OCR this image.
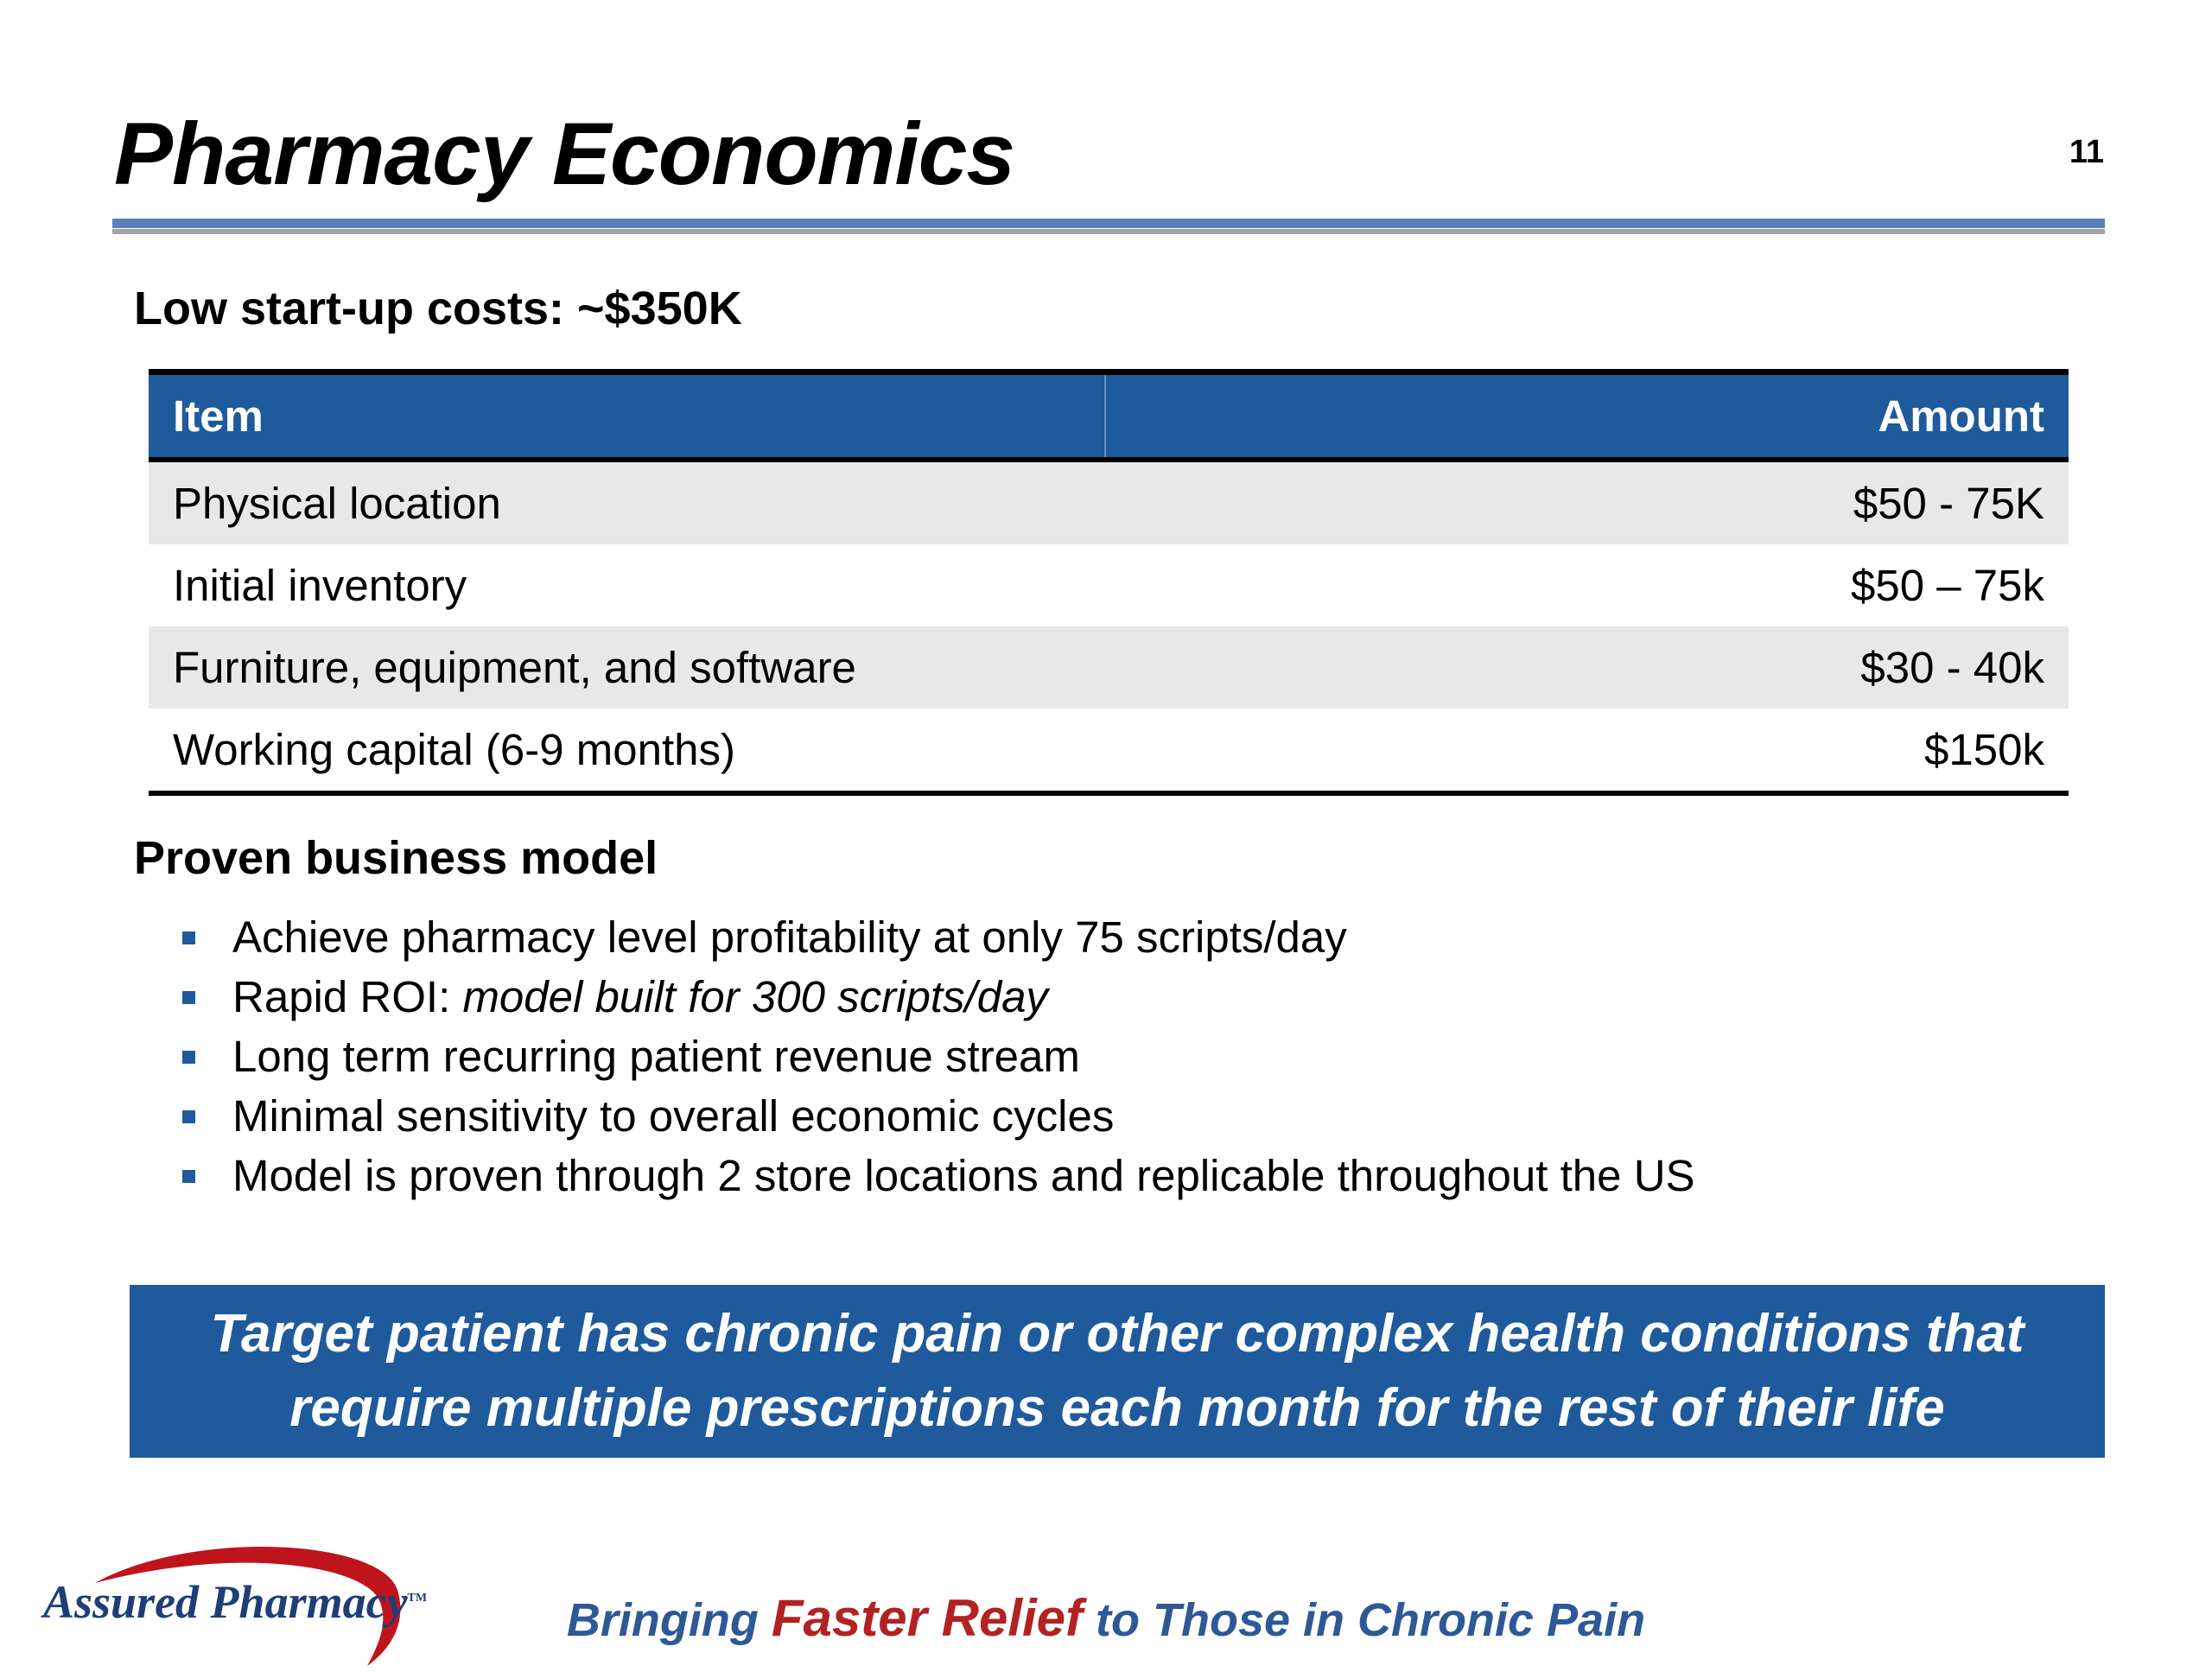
Pharmacy Economics	11
Low start-up costs: ~$350K
Item	Amount
Physical location	$50 - 75K
Initial inventory	$50 – 75k
Furniture, equipment, and software	$30 - 40k
Working capital (6-9 months)	$150k
Proven business model
Achieve pharmacy level profitability at only 75 scripts/day
Rapid ROI: model built for 300 scripts/day
Long term recurring patient revenue stream
Minimal sensitivity to overall economic cycles
Model is proven through 2 store locations and replicable throughout the US
Target patient has chronic pain or other complex health conditions that
require multiple prescriptions each month for the rest of their life
Assured Pharmacy™	Bringing Faster Relief to Those in Chronic Pain
